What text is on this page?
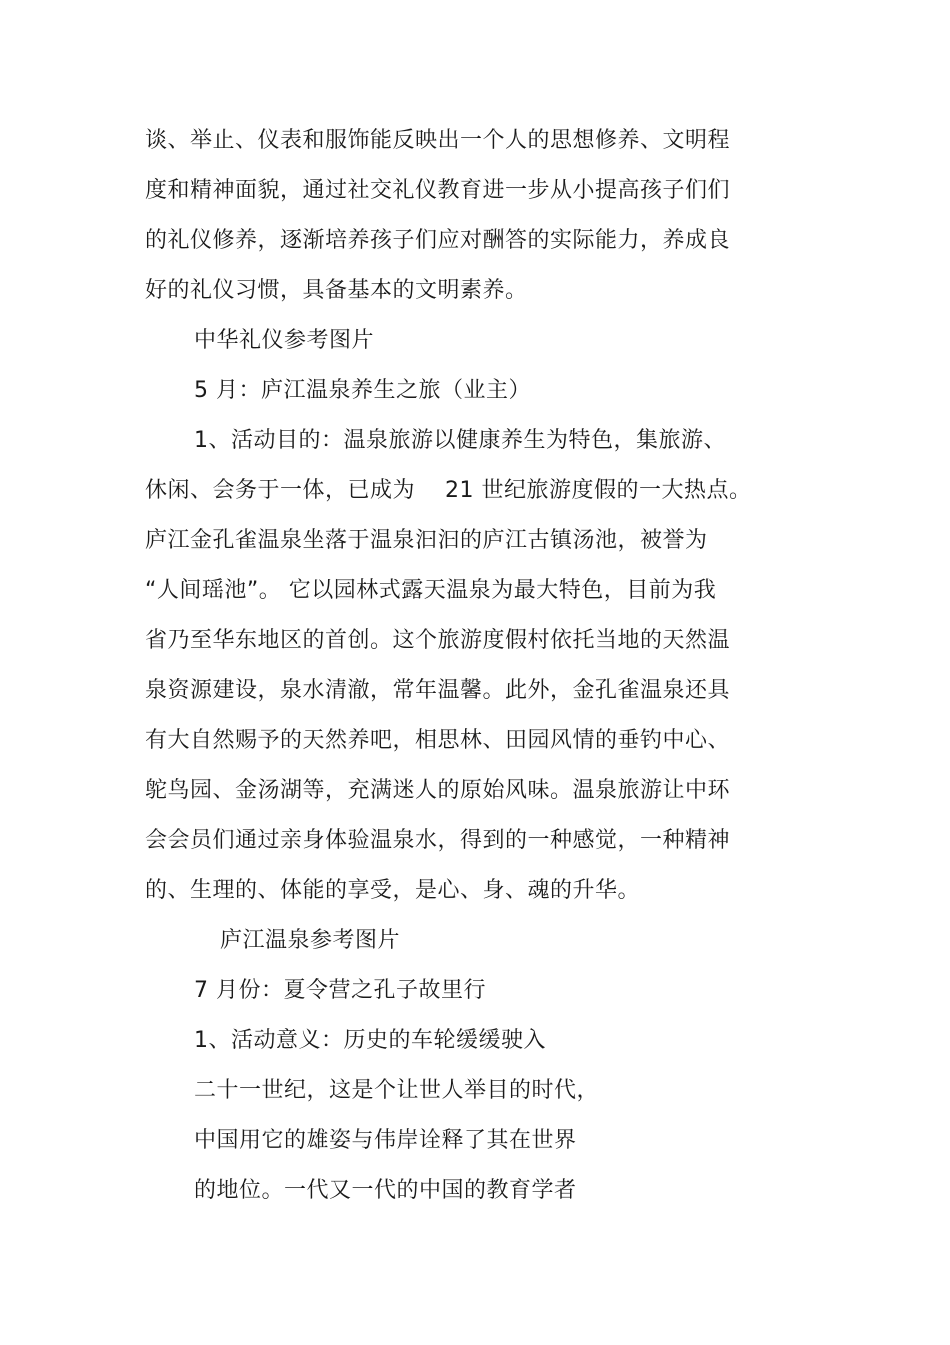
谈、举止、仪表和服饰能反映出一个人的思想修养、文明程
度和精神面貌，通过社交礼仪教育进一步从小提高孩子们们
的礼仪修养，逐渐培养孩子们应对酬答的实际能力，养成良
好的礼仪习惯，具备基本的文明素养。
中华礼仪参考图片
5 月：庐江温泉养生之旅（业主）
1、活动目的：温泉旅游以健康养生为特色，集旅游、
休闲、会务于一体，已成为　 21 世纪旅游度假的一大热点。
庐江金孔雀温泉坐落于温泉汩汩的庐江古镇汤池，被誉为
“人间瑶池”。 它以园林式露天温泉为最大特色，目前为我
省乃至华东地区的首创。这个旅游度假村依托当地的天然温
泉资源建设，泉水清澈，常年温馨。此外，金孔雀温泉还具
有大自然赐予的天然养吧，相思林、田园风情的垂钓中心、
鸵鸟园、金汤湖等，充满迷人的原始风味。温泉旅游让中环
会会员们通过亲身体验温泉水，得到的一种感觉，一种精神
的、生理的、体能的享受，是心、身、魂的升华。
庐江温泉参考图片
7 月份：夏令营之孔子故里行
1、活动意义：历史的车轮缓缓驶入
二十一世纪，这是个让世人举目的时代，
中国用它的雄姿与伟岸诠释了其在世界
的地位。一代又一代的中国的教育学者
